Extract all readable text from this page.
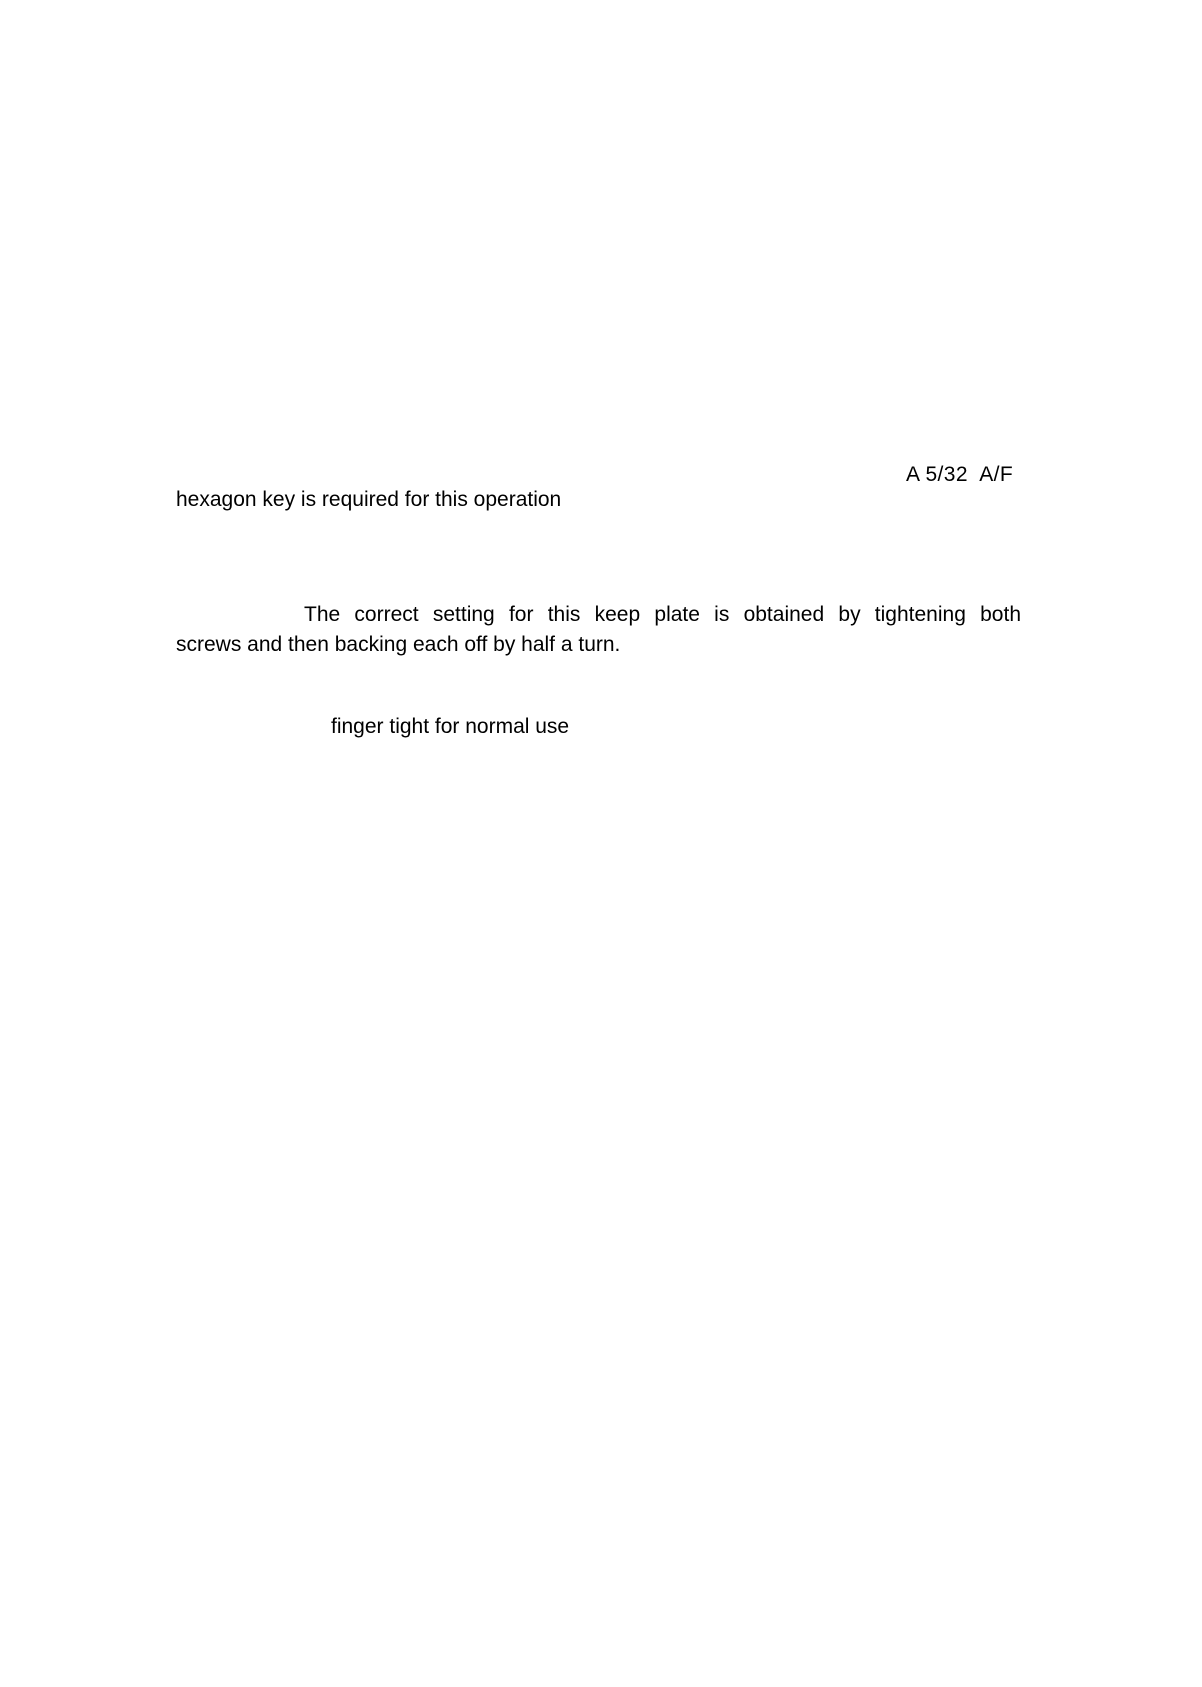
A 5/32  A/F
hexagon key is required for this operation
The correct setting for this keep plate is obtained by tightening both
screws and then backing each off by half a turn.
finger tight for normal use
